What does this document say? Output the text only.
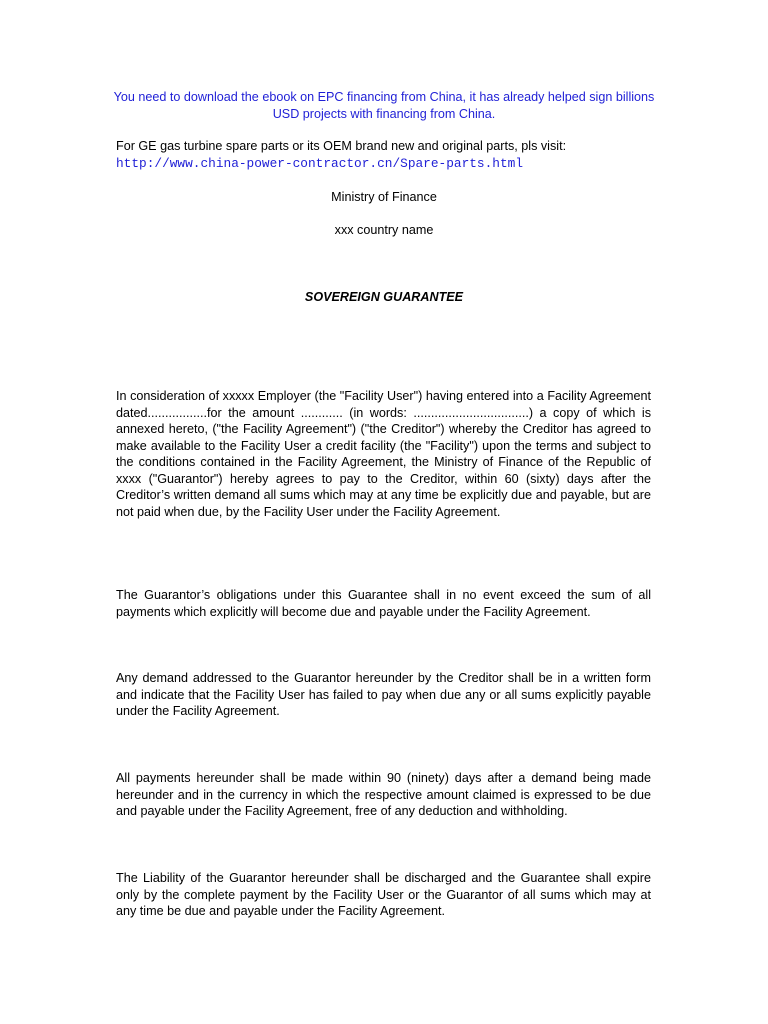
You need to download the ebook on EPC financing from China, it has already helped sign billions USD projects with financing from China.
For GE gas turbine spare parts or its OEM brand new and original parts, pls visit: http://www.china-power-contractor.cn/Spare-parts.html
Ministry of Finance
xxx country name
SOVEREIGN GUARANTEE

In consideration of xxxxx Employer (the "Facility User") having entered into a Facility Agreement dated.................for the amount ............ (in words: .................................) a copy of which is annexed hereto, ("the Facility Agreement") ("the Creditor") whereby the Creditor has agreed to make available to the Facility User a credit facility (the "Facility") upon the terms and subject to the conditions contained in the Facility Agreement, the Ministry of Finance of the Republic of xxxx ("Guarantor") hereby agrees to pay to the Creditor, within 60 (sixty) days after the Creditor’s written demand all sums which may at any time be explicitly due and payable, but are not paid when due, by the Facility User under the Facility Agreement.

The Guarantor’s obligations under this Guarantee shall in no event exceed the sum of all payments which explicitly will become due and payable under the Facility Agreement.

Any demand addressed to the Guarantor hereunder by the Creditor shall be in a written form and indicate that the Facility User has failed to pay when due any or all sums explicitly payable under the Facility Agreement.

All payments hereunder shall be made within 90 (ninety) days after a demand being made hereunder and in the currency in which the respective amount claimed is expressed to be due and payable under the Facility Agreement, free of any deduction and withholding.

The Liability of the Guarantor hereunder shall be discharged and the Guarantee shall expire only by the complete payment by the Facility User or the Guarantor of all sums which may at any time be due and payable under the Facility Agreement.
